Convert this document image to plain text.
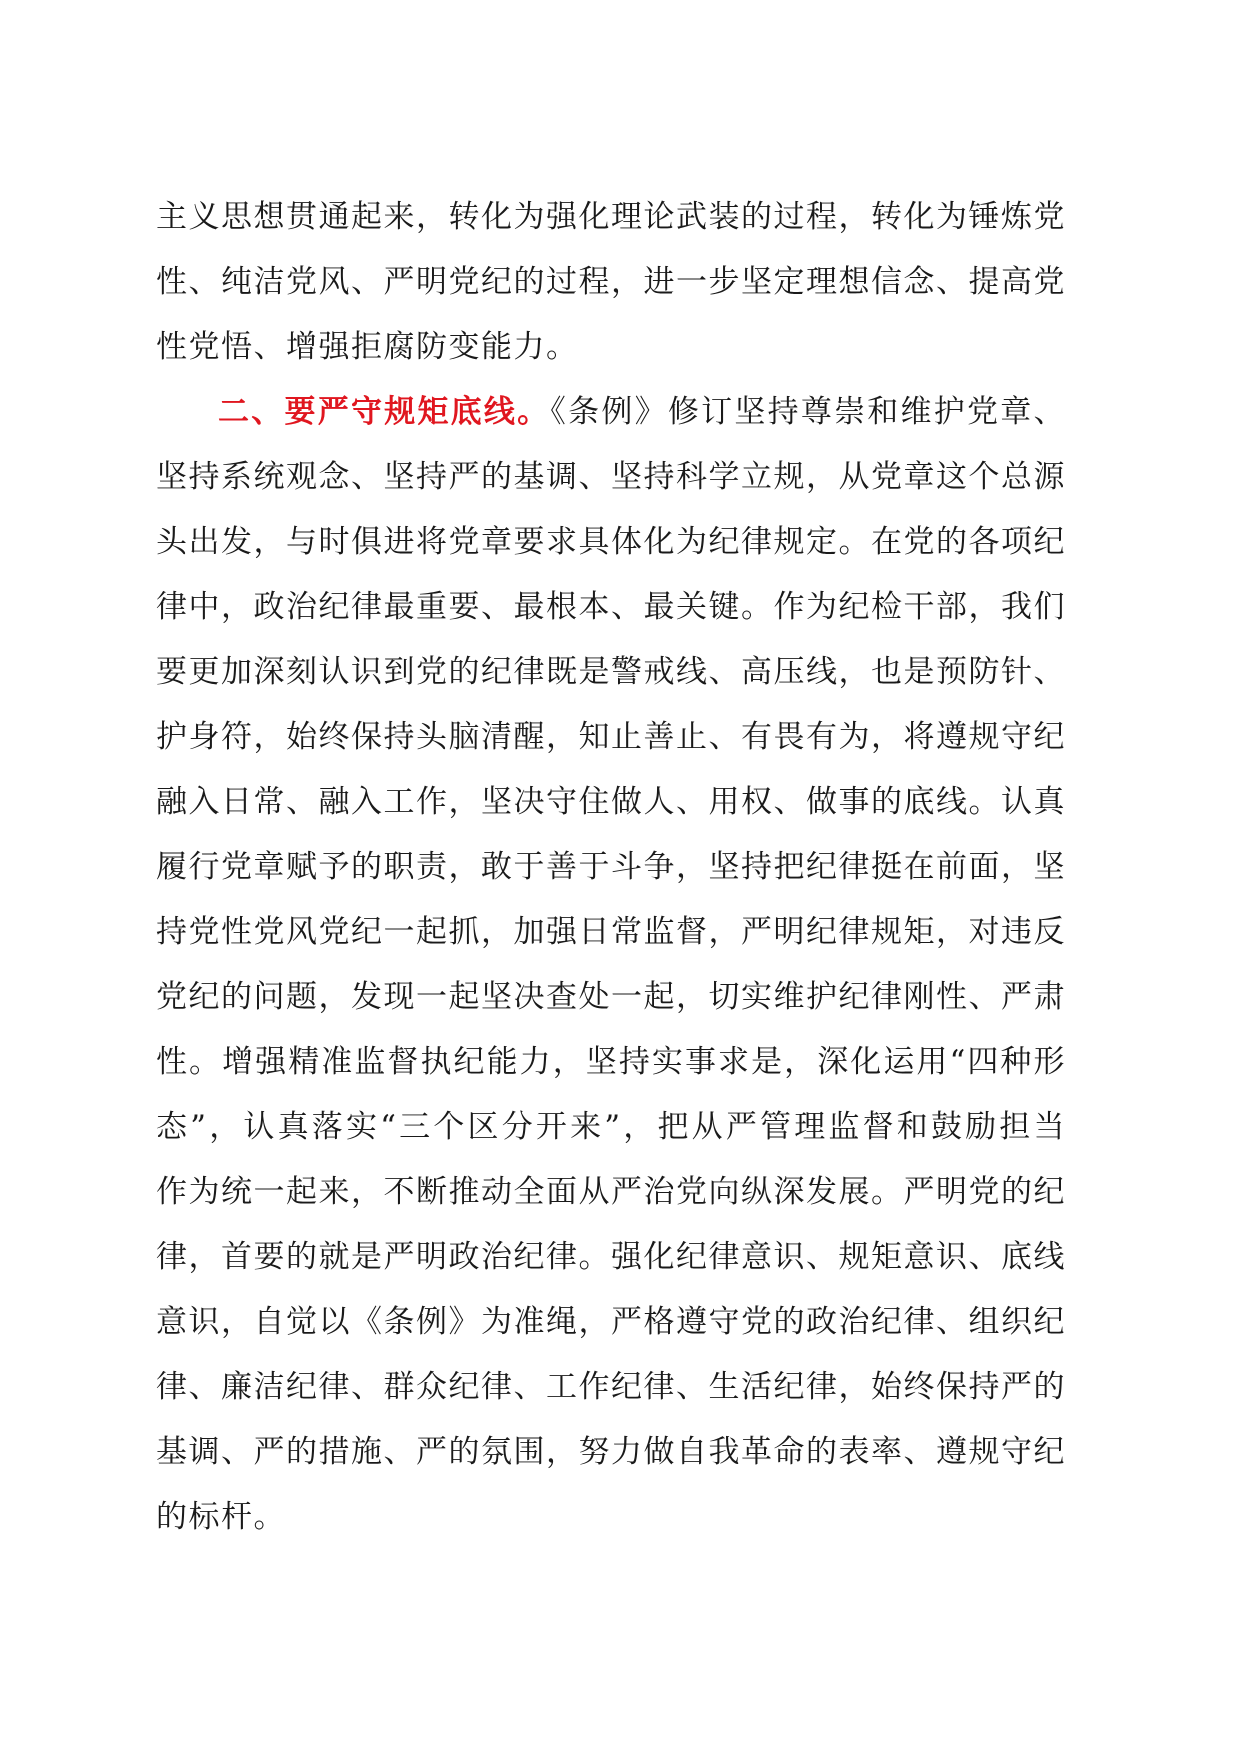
主义思想贯通起来，转化为强化理论武装的过程，转化为锤炼党
性、纯洁党风、严明党纪的过程，进一步坚定理想信念、提高党
性党悟、增强拒腐防变能力。
二、要严守规矩底线。《条例》修订坚持尊崇和维护党章、
坚持系统观念、坚持严的基调、坚持科学立规，从党章这个总源
头出发，与时俱进将党章要求具体化为纪律规定。在党的各项纪
律中，政治纪律最重要、最根本、最关键。作为纪检干部，我们
要更加深刻认识到党的纪律既是警戒线、高压线，也是预防针、
护身符，始终保持头脑清醒，知止善止、有畏有为，将遵规守纪
融入日常、融入工作，坚决守住做人、用权、做事的底线。认真
履行党章赋予的职责，敢于善于斗争，坚持把纪律挺在前面，坚
持党性党风党纪一起抓，加强日常监督，严明纪律规矩，对违反
党纪的问题，发现一起坚决查处一起，切实维护纪律刚性、严肃
性。增强精准监督执纪能力，坚持实事求是，深化运用“四种形
态”，认真落实“三个区分开来”，把从严管理监督和鼓励担当
作为统一起来，不断推动全面从严治党向纵深发展。严明党的纪
律，首要的就是严明政治纪律。强化纪律意识、规矩意识、底线
意识，自觉以《条例》为准绳，严格遵守党的政治纪律、组织纪
律、廉洁纪律、群众纪律、工作纪律、生活纪律，始终保持严的
基调、严的措施、严的氛围，努力做自我革命的表率、遵规守纪
的标杆。
